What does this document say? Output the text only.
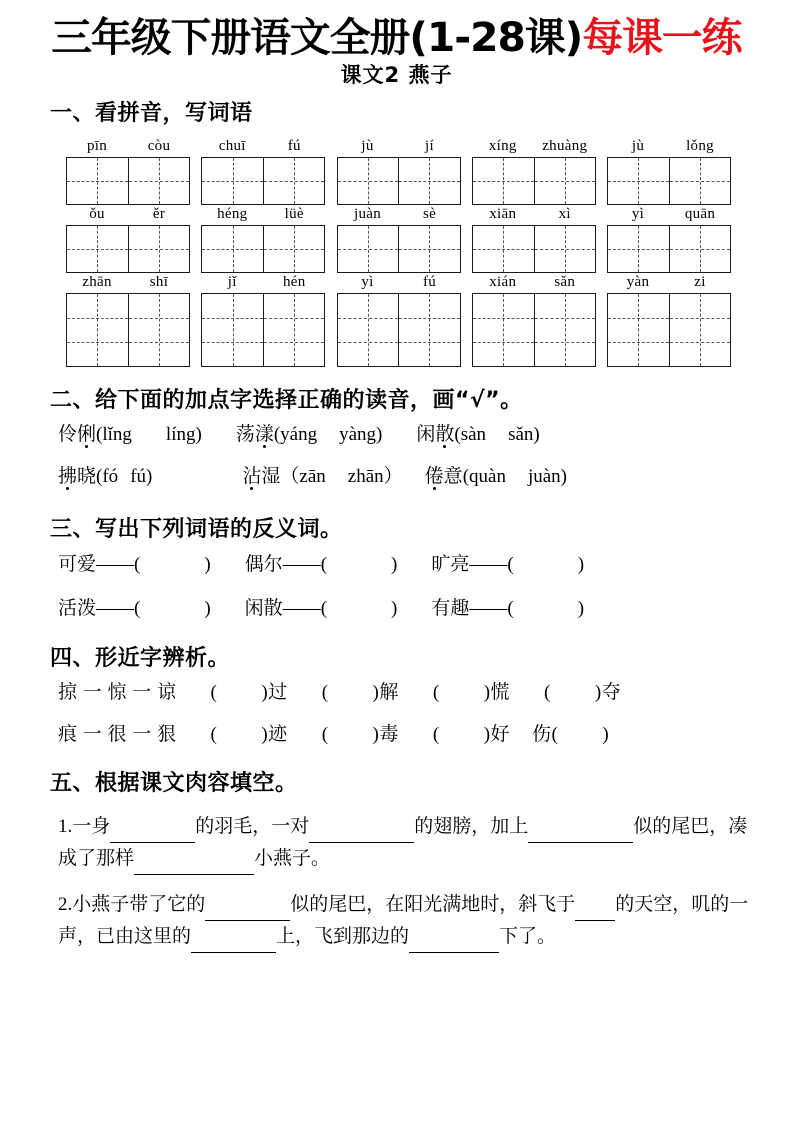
三年级下册语文全册(1-28课)每课一练
课文2 燕子
一、看拼音，写词语
pīn	còu	chuī	fú	jù	jí	xíng	zhuàng	jù	lǒng
ǒu	ěr	héng	lüè	juàn	sè	xiān	xì	yì	quān
zhān	shī	jǐ	hén	yì	fú	xián	sǎn	yàn	zi
二、给下面的加点字选择正确的读音，画“√”。
伶俐(lǐng líng) 荡漾(yáng yàng) 闲散(sàn sǎn)
拂晓(fó fú)	沾湿（zān zhān） 倦意(quàn juàn)
三、写出下列词语的反义词。
可爱——(	) 偶尔——(	) 旷亮——(	)
活泼——(	) 闲散——(	) 有趣——(	)
四、形近字辨析。
掠 一 惊 一 谅 ( )过 ( )解 ( )慌 ( )夺
痕 一 很 一 狠 ( )迹 ( )毒 ( )好 伤( )
五、根据课文肉容填空。
1.一身	的羽毛，一对	的翅膀，加上	似的尾巴，凑成了那样	小燕子。
2.小燕子带了它的	似的尾巴，在阳光满地时，斜飞于 的天空，叽的一声，已由这里的	上，飞到那边的	下了。
